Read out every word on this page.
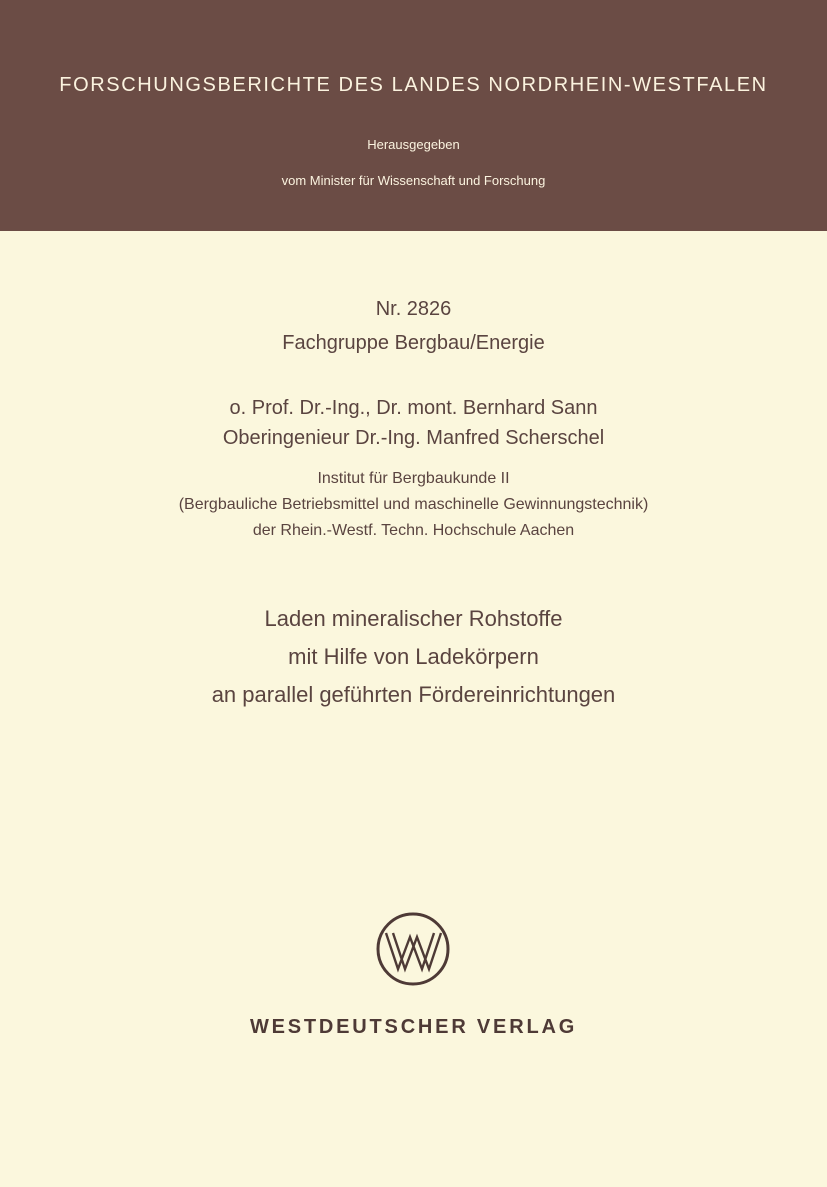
FORSCHUNGSBERICHTE DES LANDES NORDRHEIN-WESTFALEN
Herausgegeben
vom Minister für Wissenschaft und Forschung
Nr. 2826
Fachgruppe Bergbau/Energie
o. Prof. Dr.-Ing., Dr. mont. Bernhard Sann
Oberingenieur Dr.-Ing. Manfred Scherschel
Institut für Bergbaukunde II
(Bergbauliche Betriebsmittel und maschinelle Gewinnungstechnik)
der Rhein.-Westf. Techn. Hochschule Aachen
Laden mineralischer Rohstoffe
mit Hilfe von Ladekörpern
an parallel geführten Fördereinrichtungen
WESTDEUTSCHER VERLAG
